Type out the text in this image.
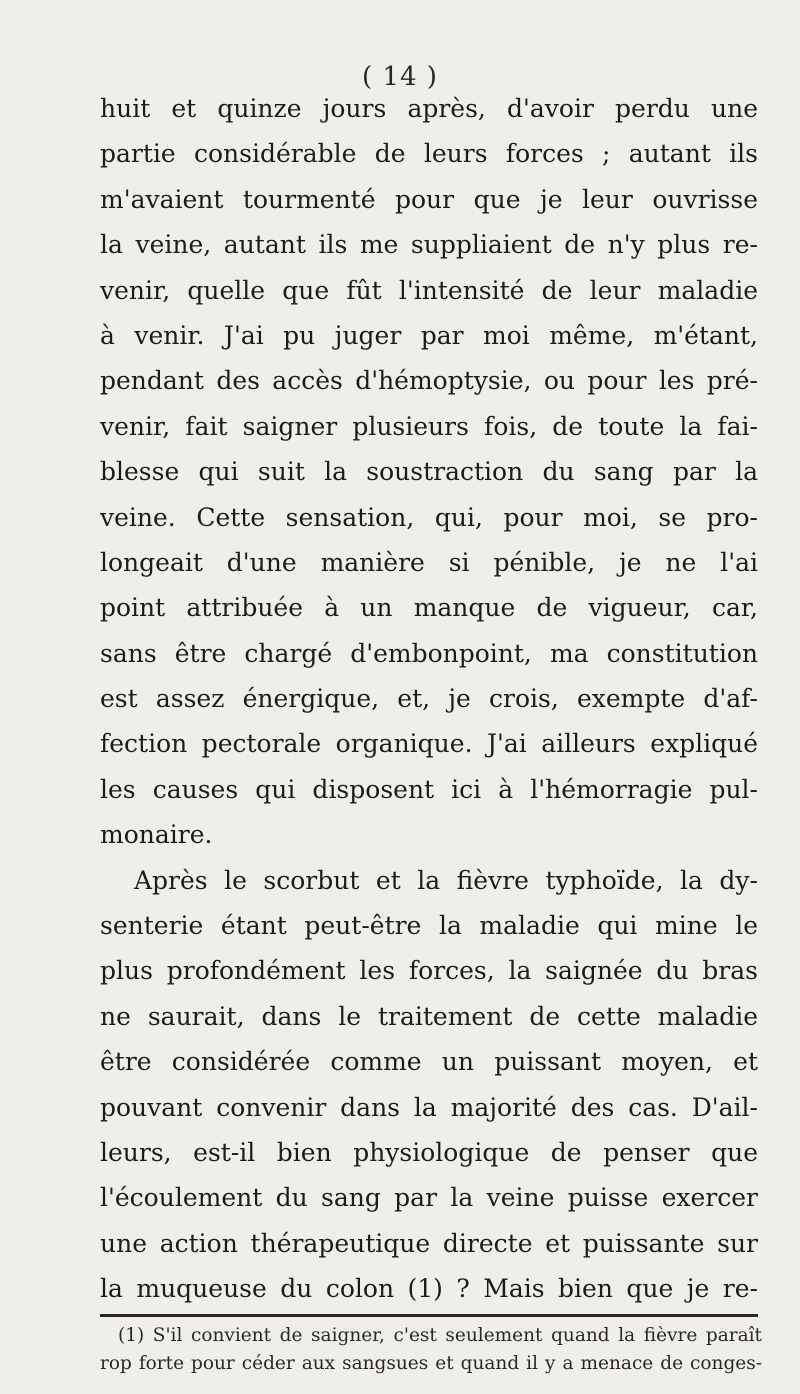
( 14 )
huit et quinze jours après, d'avoir perdu une
partie considérable de leurs forces ; autant ils
m'avaient tourmenté pour que je leur ouvrisse
la veine, autant ils me suppliaient de n'y plus re-
venir, quelle que fût l'intensité de leur maladie
à venir. J'ai pu juger par moi même, m'étant,
pendant des accès d'hémoptysie, ou pour les pré-
venir, fait saigner plusieurs fois, de toute la fai-
blesse qui suit la soustraction du sang par la
veine. Cette sensation, qui, pour moi, se pro-
longeait d'une manière si pénible, je ne l'ai
point attribuée à un manque de vigueur, car,
sans être chargé d'embonpoint, ma constitution
est assez énergique, et, je crois, exempte d'af-
fection pectorale organique. J'ai ailleurs expliqué
les causes qui disposent ici à l'hémorragie pul-
monaire.
Après le scorbut et la fièvre typhoïde, la dy-
senterie étant peut-être la maladie qui mine le
plus profondément les forces, la saignée du bras
ne saurait, dans le traitement de cette maladie
être considérée comme un puissant moyen, et
pouvant convenir dans la majorité des cas. D'ail-
leurs, est-il bien physiologique de penser que
l'écoulement du sang par la veine puisse exercer
une action thérapeutique directe et puissante sur
la muqueuse du colon (1) ? Mais bien que je re-
(1) S'il convient de saigner, c'est seulement quand la fièvre paraît
rop forte pour céder aux sangsues et quand il y a menace de conges-
